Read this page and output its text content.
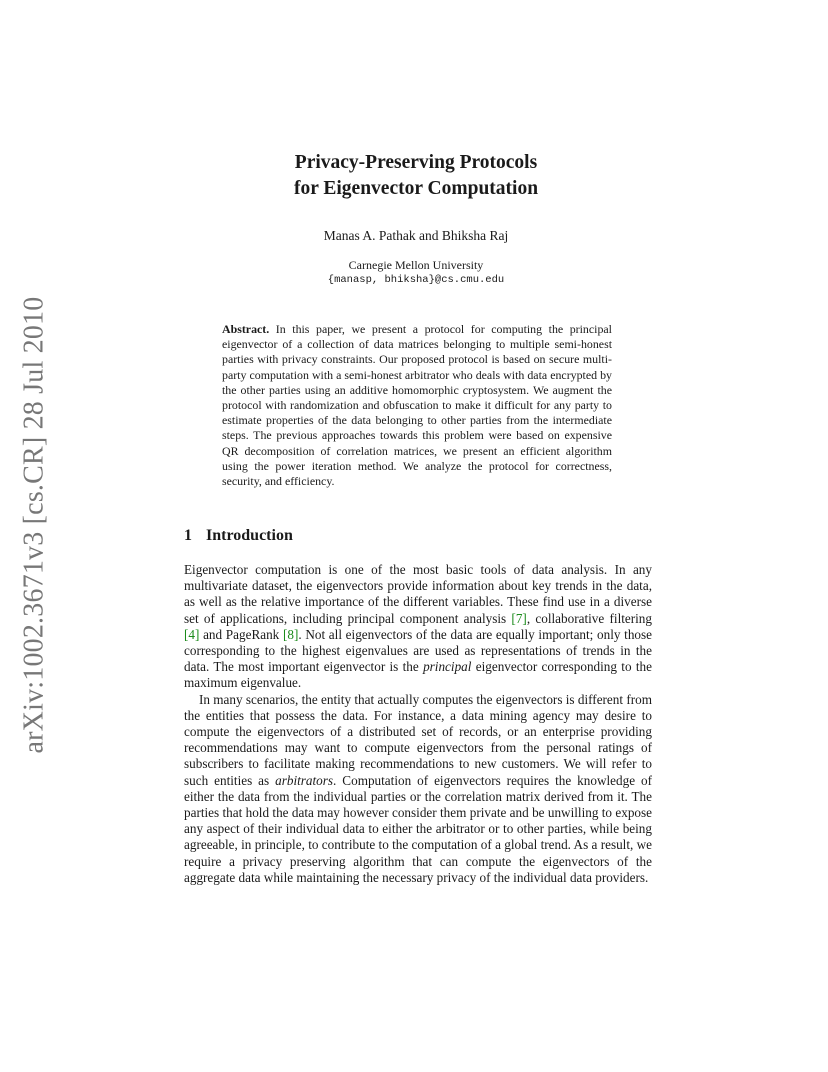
arXiv:1002.3671v3 [cs.CR] 28 Jul 2010
Privacy-Preserving Protocols
for Eigenvector Computation
Manas A. Pathak and Bhiksha Raj
Carnegie Mellon University
{manasp, bhiksha}@cs.cmu.edu
Abstract. In this paper, we present a protocol for computing the principal eigenvector of a collection of data matrices belonging to multiple semi-honest parties with privacy constraints. Our proposed protocol is based on secure multi-party computation with a semi-honest arbitrator who deals with data encrypted by the other parties using an additive homomorphic cryptosystem. We augment the protocol with randomization and obfuscation to make it difficult for any party to estimate properties of the data belonging to other parties from the intermediate steps. The previous approaches towards this problem were based on expensive QR decomposition of correlation matrices, we present an efficient algorithm using the power iteration method. We analyze the protocol for correctness, security, and efficiency.
1 Introduction

Eigenvector computation is one of the most basic tools of data analysis. In any multivariate dataset, the eigenvectors provide information about key trends in the data, as well as the relative importance of the different variables. These find use in a diverse set of applications, including principal component analysis [7], collaborative filtering [4] and PageRank [8]. Not all eigenvectors of the data are equally important; only those corresponding to the highest eigenvalues are used as representations of trends in the data. The most important eigenvector is the principal eigenvector corresponding to the maximum eigenvalue.

In many scenarios, the entity that actually computes the eigenvectors is different from the entities that possess the data. For instance, a data mining agency may desire to compute the eigenvectors of a distributed set of records, or an enterprise providing recommendations may want to compute eigenvectors from the personal ratings of subscribers to facilitate making recommendations to new customers. We will refer to such entities as arbitrators. Computation of eigenvectors requires the knowledge of either the data from the individual parties or the correlation matrix derived from it. The parties that hold the data may however consider them private and be unwilling to expose any aspect of their individual data to either the arbitrator or to other parties, while being agreeable, in principle, to contribute to the computation of a global trend. As a result, we require a privacy preserving algorithm that can compute the eigenvectors of the aggregate data while maintaining the necessary privacy of the individual data providers.
